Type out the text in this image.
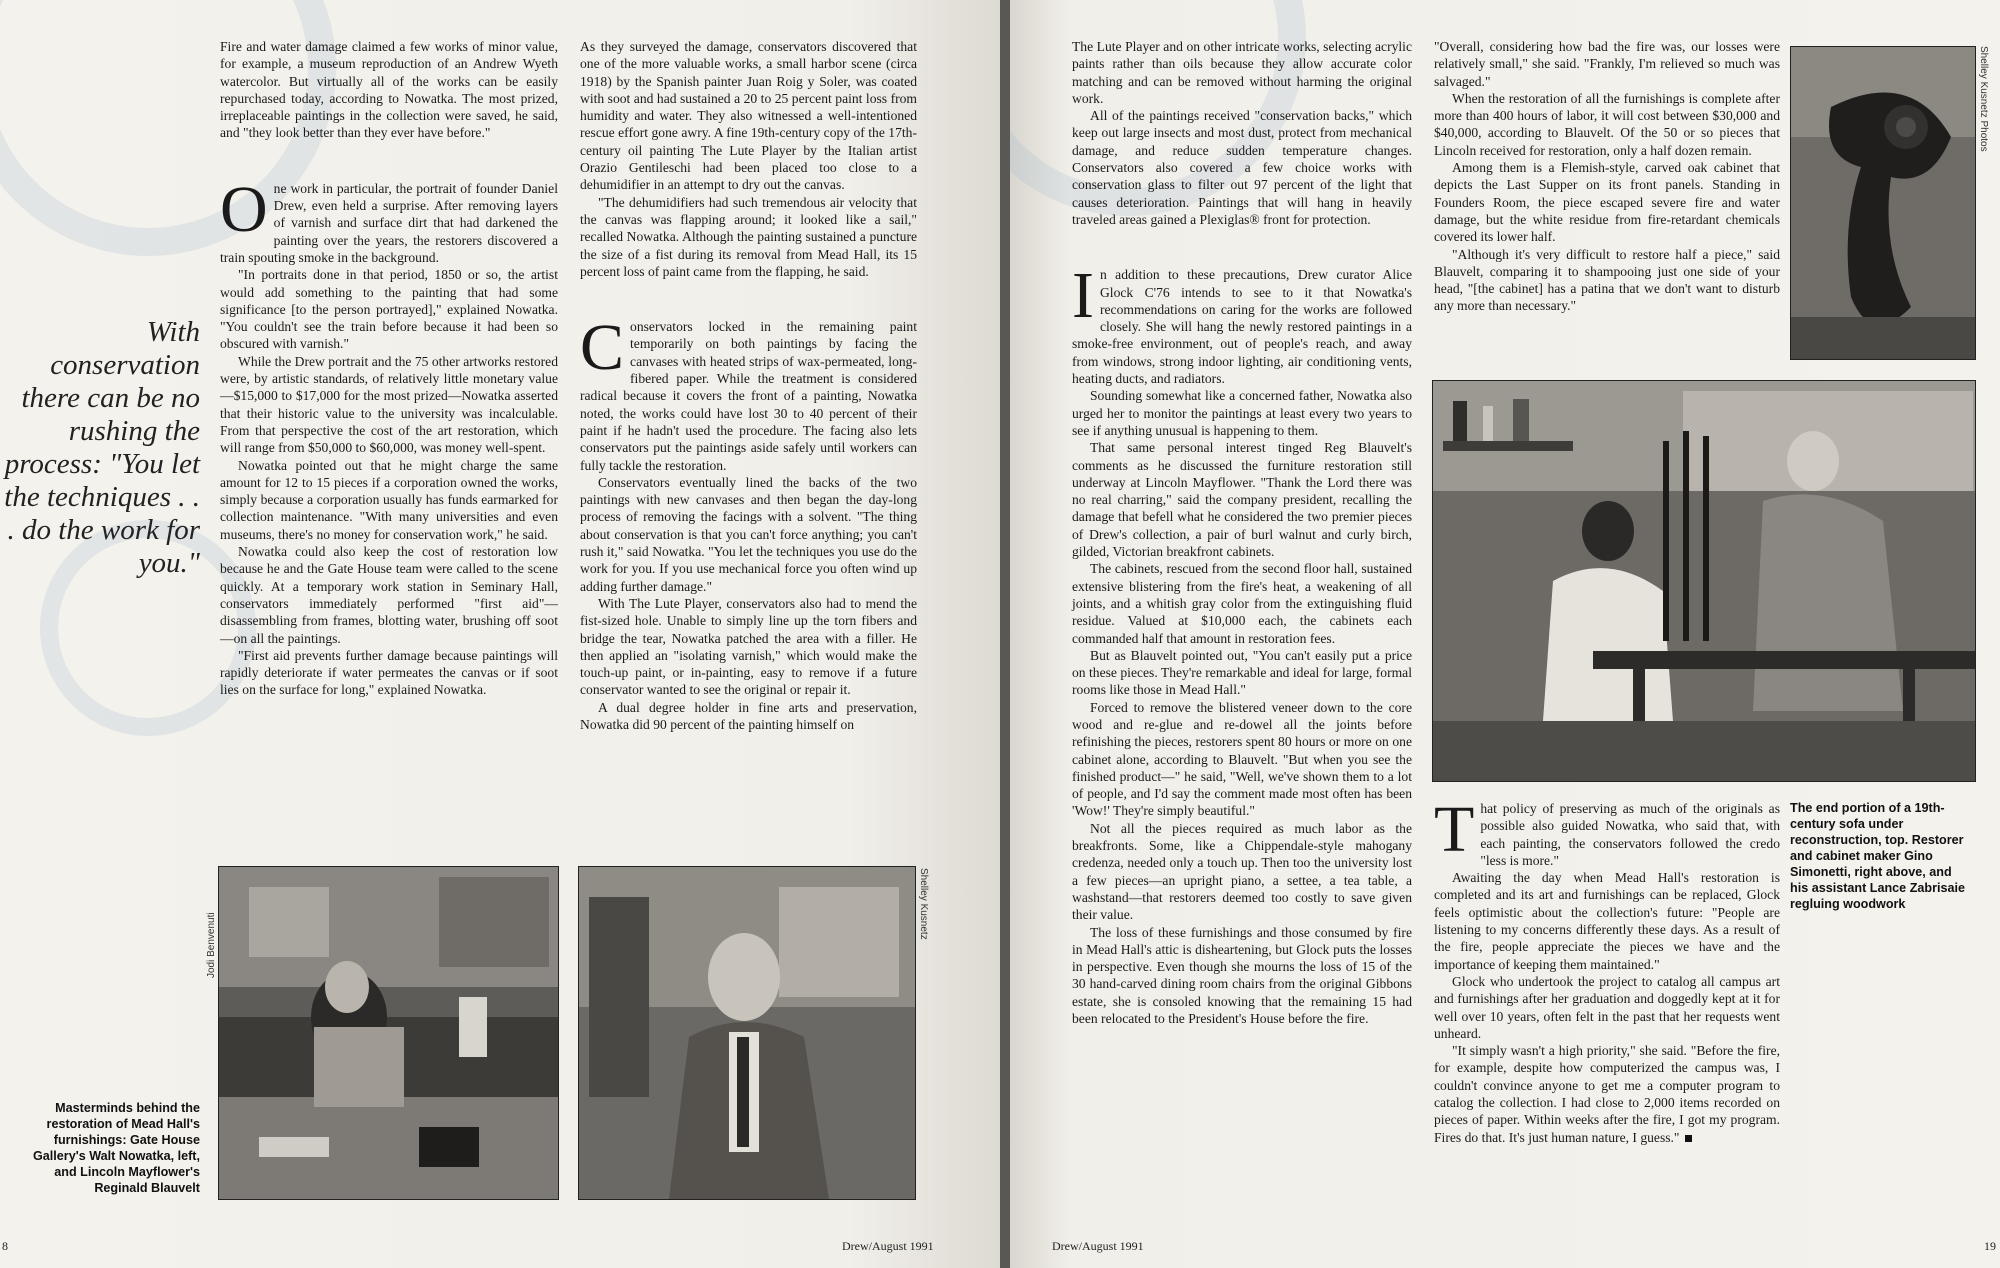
With conservation there can be no rushing the process: "You let the techniques . . . do the work for you."

Fire and water damage claimed a few works of minor value, for example, a museum reproduction of an Andrew Wyeth watercolor. But virtually all of the works can be easily repurchased today, according to Nowatka. The most prized, irreplaceable paintings in the collection were saved, he said, and "they look better than they ever have before."

One work in particular, the portrait of founder Daniel Drew, even held a surprise. After removing layers of varnish and surface dirt that had darkened the painting over the years, the restorers discovered a train spouting smoke in the background.

"In portraits done in that period, 1850 or so, the artist would add something to the painting that had some significance [to the person portrayed]," explained Nowatka. "You couldn't see the train before because it had been so obscured with varnish."

While the Drew portrait and the 75 other artworks restored were, by artistic standards, of relatively little monetary value—$15,000 to $17,000 for the most prized—Nowatka asserted that their historic value to the university was incalculable. From that perspective the cost of the art restoration, which will range from $50,000 to $60,000, was money well-spent.

Nowatka pointed out that he might charge the same amount for 12 to 15 pieces if a corporation owned the works, simply because a corporation usually has funds earmarked for collection maintenance. "With many universities and even museums, there's no money for conservation work," he said.

Nowatka could also keep the cost of restoration low because he and the Gate House team were called to the scene quickly. At a temporary work station in Seminary Hall, conservators immediately performed "first aid"—disassembling from frames, blotting water, brushing off soot—on all the paintings.

"First aid prevents further damage because paintings will rapidly deteriorate if water permeates the canvas or if soot lies on the surface for long," explained Nowatka.

As they surveyed the damage, conservators discovered that one of the more valuable works, a small harbor scene (circa 1918) by the Spanish painter Juan Roig y Soler, was coated with soot and had sustained a 20 to 25 percent paint loss from humidity and water. They also witnessed a well-intentioned rescue effort gone awry. A fine 19th-century copy of the 17th-century oil painting The Lute Player by the Italian artist Orazio Gentileschi had been placed too close to a dehumidifier in an attempt to dry out the canvas.

"The dehumidifiers had such tremendous air velocity that the canvas was flapping around; it looked like a sail," recalled Nowatka. Although the painting sustained a puncture the size of a fist during its removal from Mead Hall, its 15 percent loss of paint came from the flapping, he said.

Conservators locked in the remaining paint temporarily on both paintings by facing the canvases with heated strips of wax-permeated, long-fibered paper. While the treatment is considered radical because it covers the front of a painting, Nowatka noted, the works could have lost 30 to 40 percent of their paint if he hadn't used the procedure. The facing also lets conservators put the paintings aside safely until workers can fully tackle the restoration.

Conservators eventually lined the backs of the two paintings with new canvases and then began the day-long process of removing the facings with a solvent. "The thing about conservation is that you can't force anything; you can't rush it," said Nowatka. "You let the techniques you use do the work for you. If you use mechanical force you often wind up adding further damage."

With The Lute Player, conservators also had to mend the fist-sized hole. Unable to simply line up the torn fibers and bridge the tear, Nowatka patched the area with a filler. He then applied an "isolating varnish," which would make the touch-up paint, or in-painting, easy to remove if a future conservator wanted to see the original or repair it.

A dual degree holder in fine arts and preservation, Nowatka did 90 percent of the painting himself on

Jodi Benvenuti
Shelley Kusnetz
Masterminds behind the restoration of Mead Hall's furnishings: Gate House Gallery's Walt Nowatka, left, and Lincoln Mayflower's Reginald Blauvelt
8	Drew/August 1991

The Lute Player and on other intricate works, selecting acrylic paints rather than oils because they allow accurate color matching and can be removed without harming the original work.

All of the paintings received "conservation backs," which keep out large insects and most dust, protect from mechanical damage, and reduce sudden temperature changes. Conservators also covered a few choice works with conservation glass to filter out 97 percent of the light that causes deterioration. Paintings that will hang in heavily traveled areas gained a Plexiglas® front for protection.

In addition to these precautions, Drew curator Alice Glock C'76 intends to see to it that Nowatka's recommendations on caring for the works are followed closely. She will hang the newly restored paintings in a smoke-free environment, out of people's reach, and away from windows, strong indoor lighting, air conditioning vents, heating ducts, and radiators.

Sounding somewhat like a concerned father, Nowatka also urged her to monitor the paintings at least every two years to see if anything unusual is happening to them.

That same personal interest tinged Reg Blauvelt's comments as he discussed the furniture restoration still underway at Lincoln Mayflower. "Thank the Lord there was no real charring," said the company president, recalling the damage that befell what he considered the two premier pieces of Drew's collection, a pair of burl walnut and curly birch, gilded, Victorian breakfront cabinets.

The cabinets, rescued from the second floor hall, sustained extensive blistering from the fire's heat, a weakening of all joints, and a whitish gray color from the extinguishing fluid residue. Valued at $10,000 each, the cabinets each commanded half that amount in restoration fees.

But as Blauvelt pointed out, "You can't easily put a price on these pieces. They're remarkable and ideal for large, formal rooms like those in Mead Hall."

Forced to remove the blistered veneer down to the core wood and re-glue and re-dowel all the joints before refinishing the pieces, restorers spent 80 hours or more on one cabinet alone, according to Blauvelt. "But when you see the finished product—" he said, "Well, we've shown them to a lot of people, and I'd say the comment made most often has been 'Wow!' They're simply beautiful."

Not all the pieces required as much labor as the breakfronts. Some, like a Chippendale-style mahogany credenza, needed only a touch up. Then too the university lost a few pieces—an upright piano, a settee, a tea table, a washstand—that restorers deemed too costly to save given their value.

The loss of these furnishings and those consumed by fire in Mead Hall's attic is disheartening, but Glock puts the losses in perspective. Even though she mourns the loss of 15 of the 30 hand-carved dining room chairs from the original Gibbons estate, she is consoled knowing that the remaining 15 had been relocated to the President's House before the fire.

"Overall, considering how bad the fire was, our losses were relatively small," she said. "Frankly, I'm relieved so much was salvaged."

When the restoration of all the furnishings is complete after more than 400 hours of labor, it will cost between $30,000 and $40,000, according to Blauvelt. Of the 50 or so pieces that Lincoln received for restoration, only a half dozen remain.

Among them is a Flemish-style, carved oak cabinet that depicts the Last Supper on its front panels. Standing in Founders Room, the piece escaped severe fire and water damage, but the white residue from fire-retardant chemicals covered its lower half.

"Although it's very difficult to restore half a piece," said Blauvelt, comparing it to shampooing just one side of your head, "[the cabinet] has a patina that we don't want to disturb any more than necessary."

Shelley Kusnetz Photos

That policy of preserving as much of the originals as possible also guided Nowatka, who said that, with each painting, the conservators followed the credo "less is more."

Awaiting the day when Mead Hall's restoration is completed and its art and furnishings can be replaced, Glock feels optimistic about the collection's future: "People are listening to my concerns differently these days. As a result of the fire, people appreciate the pieces we have and the importance of keeping them maintained."

Glock who undertook the project to catalog all campus art and furnishings after her graduation and doggedly kept at it for well over 10 years, often felt in the past that her requests went unheard.

"It simply wasn't a high priority," she said. "Before the fire, for example, despite how computerized the campus was, I couldn't convince anyone to get me a computer program to catalog the collection. I had close to 2,000 items recorded on pieces of paper. Within weeks after the fire, I got my program. Fires do that. It's just human nature, I guess."

The end portion of a 19th-century sofa under reconstruction, top. Restorer and cabinet maker Gino Simonetti, right above, and his assistant Lance Zabrisaie regluing woodwork
Drew/August 1991	19
